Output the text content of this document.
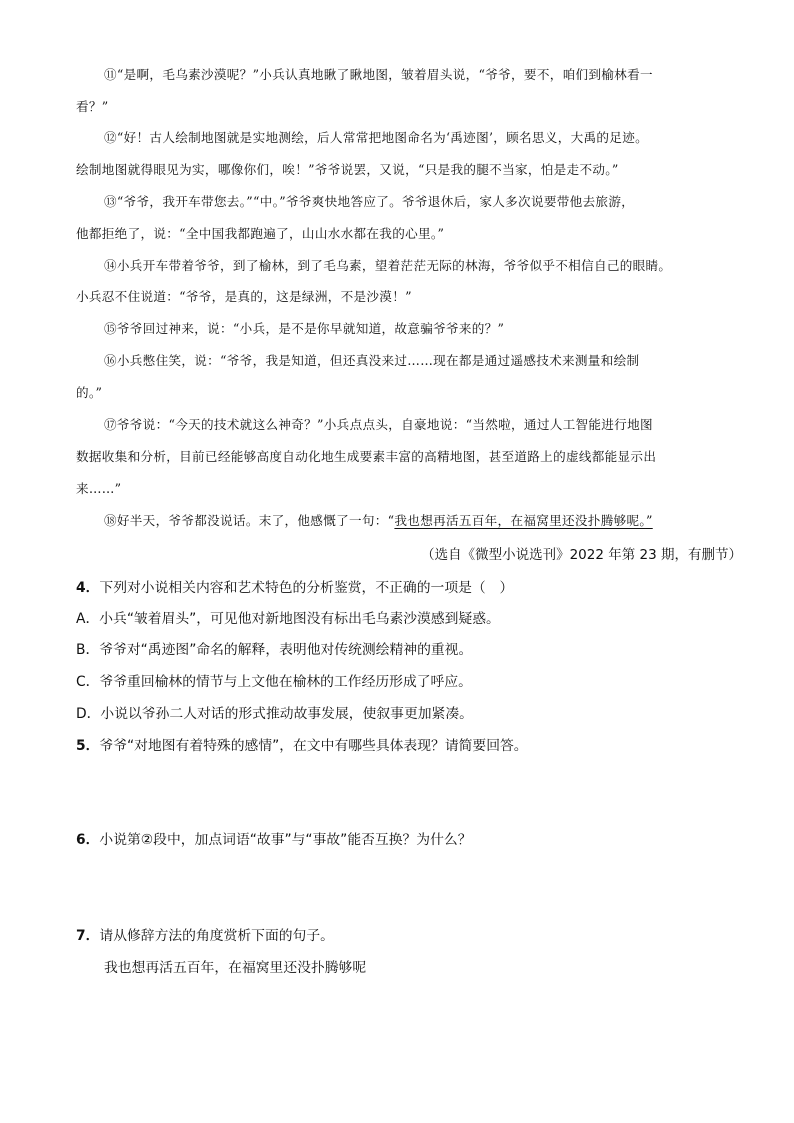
⑪“是啊，毛乌素沙漠呢？”小兵认真地瞅了瞅地图，皱着眉头说，“爷爷，要不，咱们到榆林看一
看？”
⑫“好！古人绘制地图就是实地测绘，后人常常把地图命名为‘禹迹图’，顾名思义，大禹的足迹。
绘制地图就得眼见为实，哪像你们，唉！”爷爷说罢，又说，“只是我的腿不当家，怕是走不动。”
⑬“爷爷，我开车带您去。”“中。”爷爷爽快地答应了。爷爷退休后，家人多次说要带他去旅游，
他都拒绝了，说：“全中国我都跑遍了，山山水水都在我的心里。”
⑭小兵开车带着爷爷，到了榆林，到了毛乌素，望着茫茫无际的林海，爷爷似乎不相信自己的眼睛。
小兵忍不住说道：“爷爷，是真的，这是绿洲，不是沙漠！”
⑮爷爷回过神来，说：“小兵，是不是你早就知道，故意骗爷爷来的？”
⑯小兵憋住笑，说：“爷爷，我是知道，但还真没来过……现在都是通过遥感技术来测量和绘制
的。”
⑰爷爷说：“今天的技术就这么神奇？”小兵点点头，自豪地说：“当然啦，通过人工智能进行地图
数据收集和分析，目前已经能够高度自动化地生成要素丰富的高精地图，甚至道路上的虚线都能显示出
来……”
⑱好半天，爷爷都没说话。末了，他感慨了一句：“我也想再活五百年，在福窝里还没扑腾够呢。”
（选自《微型小说选刊》2022 年第 23 期，有删节）
4．下列对小说相关内容和艺术特色的分析鉴赏，不正确的一项是（　）
A．小兵“皱着眉头”，可见他对新地图没有标出毛乌素沙漠感到疑惑。
B．爷爷对“禹迹图”命名的解释，表明他对传统测绘精神的重视。
C．爷爷重回榆林的情节与上文他在榆林的工作经历形成了呼应。
D．小说以爷孙二人对话的形式推动故事发展，使叙事更加紧凑。
5．爷爷“对地图有着特殊的感情”，在文中有哪些具体表现？请简要回答。
6．小说第②段中，加点词语“故事”与“事故”能否互换？为什么？
7．请从修辞方法的角度赏析下面的句子。
我也想再活五百年，在福窝里还没扑腾够呢
